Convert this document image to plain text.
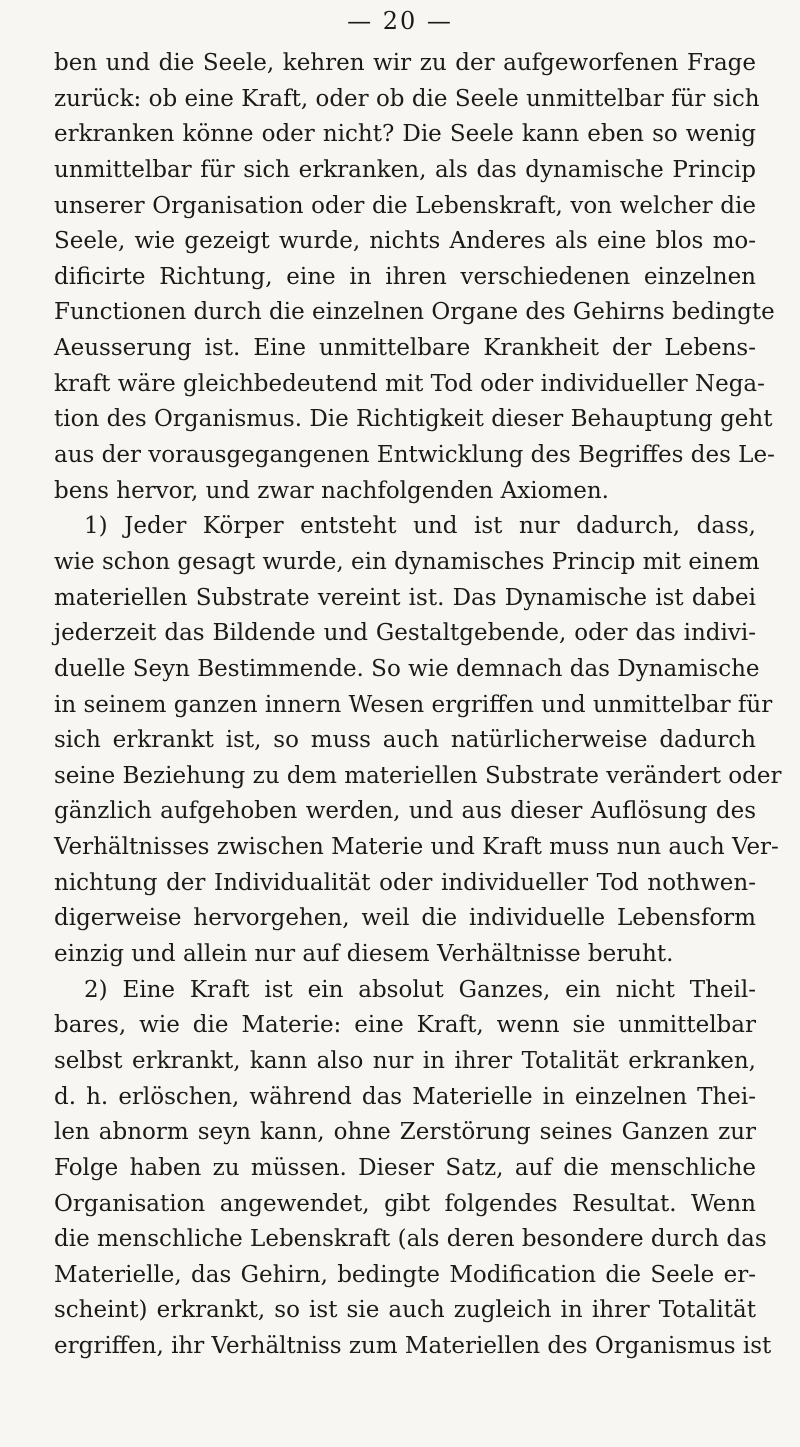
— 20 —
ben und die Seele, kehren wir zu der aufgeworfenen Frage
zurück: ob eine Kraft, oder ob die Seele unmittelbar für sich
erkranken könne oder nicht? Die Seele kann eben so wenig
unmittelbar für sich erkranken, als das dynamische Princip
unserer Organisation oder die Lebenskraft, von welcher die
Seele, wie gezeigt wurde, nichts Anderes als eine blos mo-
dificirte Richtung, eine in ihren verschiedenen einzelnen
Functionen durch die einzelnen Organe des Gehirns bedingte
Aeusserung ist. Eine unmittelbare Krankheit der Lebens-
kraft wäre gleichbedeutend mit Tod oder individueller Nega-
tion des Organismus. Die Richtigkeit dieser Behauptung geht
aus der vorausgegangenen Entwicklung des Begriffes des Le-
bens hervor, und zwar nachfolgenden Axiomen.
1) Jeder Körper entsteht und ist nur dadurch, dass,
wie schon gesagt wurde, ein dynamisches Princip mit einem
materiellen Substrate vereint ist. Das Dynamische ist dabei
jederzeit das Bildende und Gestaltgebende, oder das indivi-
duelle Seyn Bestimmende. So wie demnach das Dynamische
in seinem ganzen innern Wesen ergriffen und unmittelbar für
sich erkrankt ist, so muss auch natürlicherweise dadurch
seine Beziehung zu dem materiellen Substrate verändert oder
gänzlich aufgehoben werden, und aus dieser Auflösung des
Verhältnisses zwischen Materie und Kraft muss nun auch Ver-
nichtung der Individualität oder individueller Tod nothwen-
digerweise hervorgehen, weil die individuelle Lebensform
einzig und allein nur auf diesem Verhältnisse beruht.
2) Eine Kraft ist ein absolut Ganzes, ein nicht Theil-
bares, wie die Materie: eine Kraft, wenn sie unmittelbar
selbst erkrankt, kann also nur in ihrer Totalität erkranken,
d. h. erlöschen, während das Materielle in einzelnen Thei-
len abnorm seyn kann, ohne Zerstörung seines Ganzen zur
Folge haben zu müssen. Dieser Satz, auf die menschliche
Organisation angewendet, gibt folgendes Resultat. Wenn
die menschliche Lebenskraft (als deren besondere durch das
Materielle, das Gehirn, bedingte Modification die Seele er-
scheint) erkrankt, so ist sie auch zugleich in ihrer Totalität
ergriffen, ihr Verhältniss zum Materiellen des Organismus ist
